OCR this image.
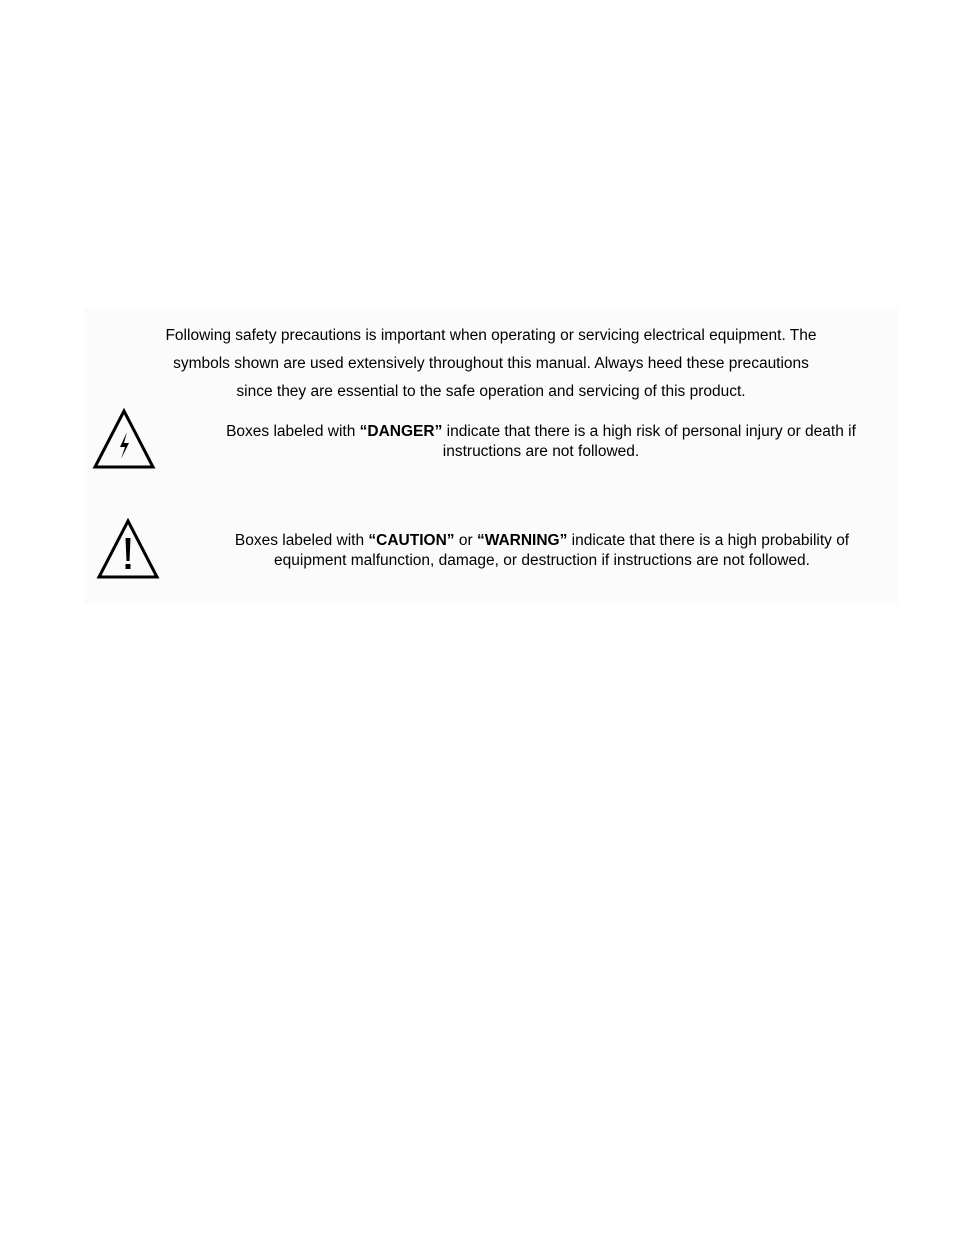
Following safety precautions is important when operating or servicing electrical equipment. The
symbols shown are used extensively throughout this manual. Always heed these precautions
since they are essential to the safe operation and servicing of this product.

Boxes labeled with “DANGER” indicate that there is a high risk of personal injury or death if
instructions are not followed.

Boxes labeled with “CAUTION” or “WARNING” indicate that there is a high probability of
equipment malfunction, damage, or destruction if instructions are not followed.
